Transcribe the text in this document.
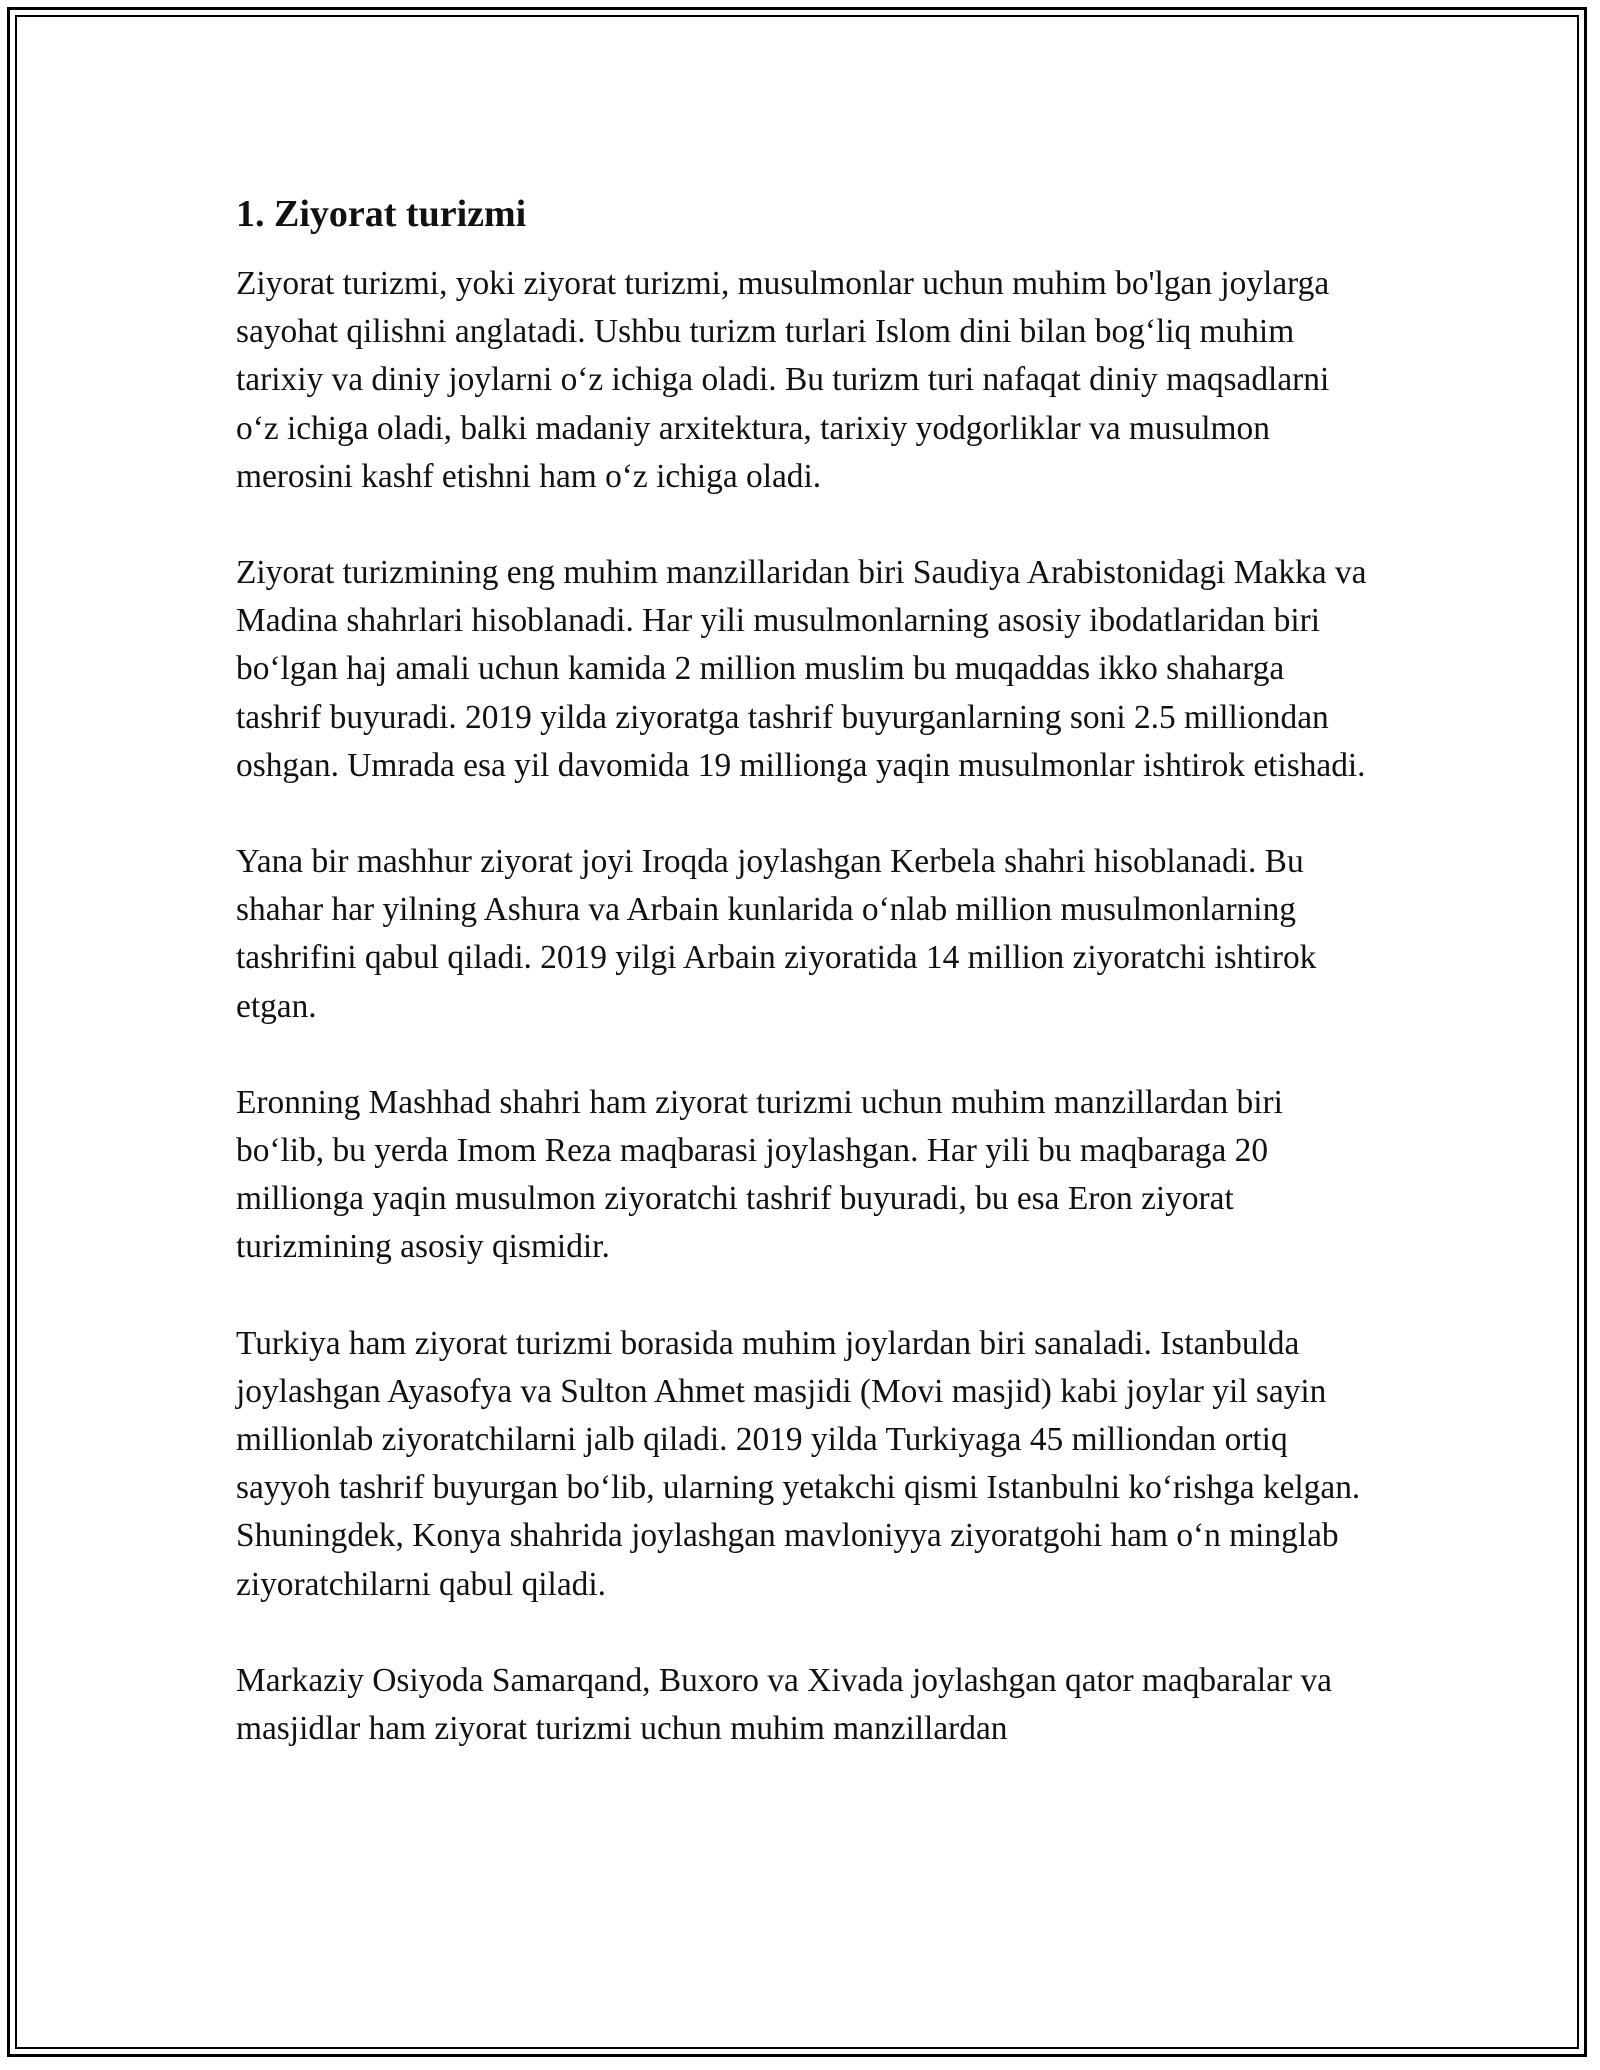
1. Ziyorat turizmi

Ziyorat turizmi, yoki ziyorat turizmi, musulmonlar uchun muhim bo'lgan joylarga sayohat qilishni anglatadi. Ushbu turizm turlari Islom dini bilan bog‘liq muhim tarixiy va diniy joylarni o‘z ichiga oladi. Bu turizm turi nafaqat diniy maqsadlarni o‘z ichiga oladi, balki madaniy arxitektura, tarixiy yodgorliklar va musulmon merosini kashf etishni ham o‘z ichiga oladi.

Ziyorat turizmining eng muhim manzillaridan biri Saudiya Arabistonidagi Makka va Madina shahrlari hisoblanadi. Har yili musulmonlarning asosiy ibodatlaridan biri bo‘lgan haj amali uchun kamida 2 million muslim bu muqaddas ikko shaharga tashrif buyuradi. 2019 yilda ziyoratga tashrif buyurganlarning soni 2.5 milliondan oshgan. Umrada esa yil davomida 19 millionga yaqin musulmonlar ishtirok etishadi.

Yana bir mashhur ziyorat joyi Iroqda joylashgan Kerbela shahri hisoblanadi. Bu shahar har yilning Ashura va Arbain kunlarida o‘nlab million musulmonlarning tashrifini qabul qiladi. 2019 yilgi Arbain ziyoratida 14 million ziyoratchi ishtirok etgan.

Eronning Mashhad shahri ham ziyorat turizmi uchun muhim manzillardan biri bo‘lib, bu yerda Imom Reza maqbarasi joylashgan. Har yili bu maqbaraga 20 millionga yaqin musulmon ziyoratchi tashrif buyuradi, bu esa Eron ziyorat turizmining asosiy qismidir.

Turkiya ham ziyorat turizmi borasida muhim joylardan biri sanaladi. Istanbulda joylashgan Ayasofya va Sulton Ahmet masjidi (Movi masjid) kabi joylar yil sayin millionlab ziyoratchilarni jalb qiladi. 2019 yilda Turkiyaga 45 milliondan ortiq sayyoh tashrif buyurgan bo‘lib, ularning yetakchi qismi Istanbulni ko‘rishga kelgan. Shuningdek, Konya shahrida joylashgan mavloniyya ziyoratgohi ham o‘n minglab ziyoratchilarni qabul qiladi.

Markaziy Osiyoda Samarqand, Buxoro va Xivada joylashgan qator maqbaralar va masjidlar ham ziyorat turizmi uchun muhim manzillardan
